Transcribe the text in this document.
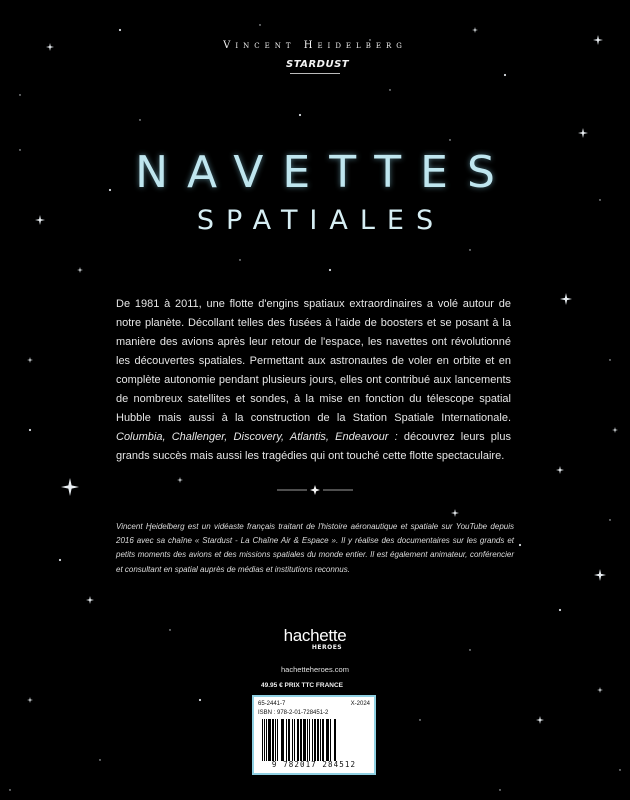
Vincent Heidelberg
STARDUST
NAVETTES
SPATIALES
De 1981 à 2011, une flotte d'engins spatiaux extraordinaires a volé autour de notre planète. Décollant telles des fusées à l'aide de boosters et se posant à la manière des avions après leur retour de l'espace, les navettes ont révolutionné les découvertes spatiales. Permettant aux astronautes de voler en orbite et en complète autonomie pendant plusieurs jours, elles ont contribué aux lancements de nombreux satellites et sondes, à la mise en fonction du télescope spatial Hubble mais aussi à la construction de la Station Spatiale Internationale. Columbia, Challenger, Discovery, Atlantis, Endeavour : découvrez leurs plus grands succès mais aussi les tragédies qui ont touché cette flotte spectaculaire.
Vincent Heidelberg est un vidéaste français traitant de l'histoire aéronautique et spatiale sur YouTube depuis 2016 avec sa chaîne « Stardust - La Chaîne Air & Espace ». Il y réalise des documentaires sur les grands et petits moments des avions et des missions spatiales du monde entier. Il est également animateur, conférencier et consultant en spatial auprès de médias et institutions reconnus.
hachette
HEROES
hachetteheroes.com
49.95 € PRIX TTC FRANCE
65-2441-7	X-2024
ISBN : 978-2-01-728451-2
9 782017 284512
